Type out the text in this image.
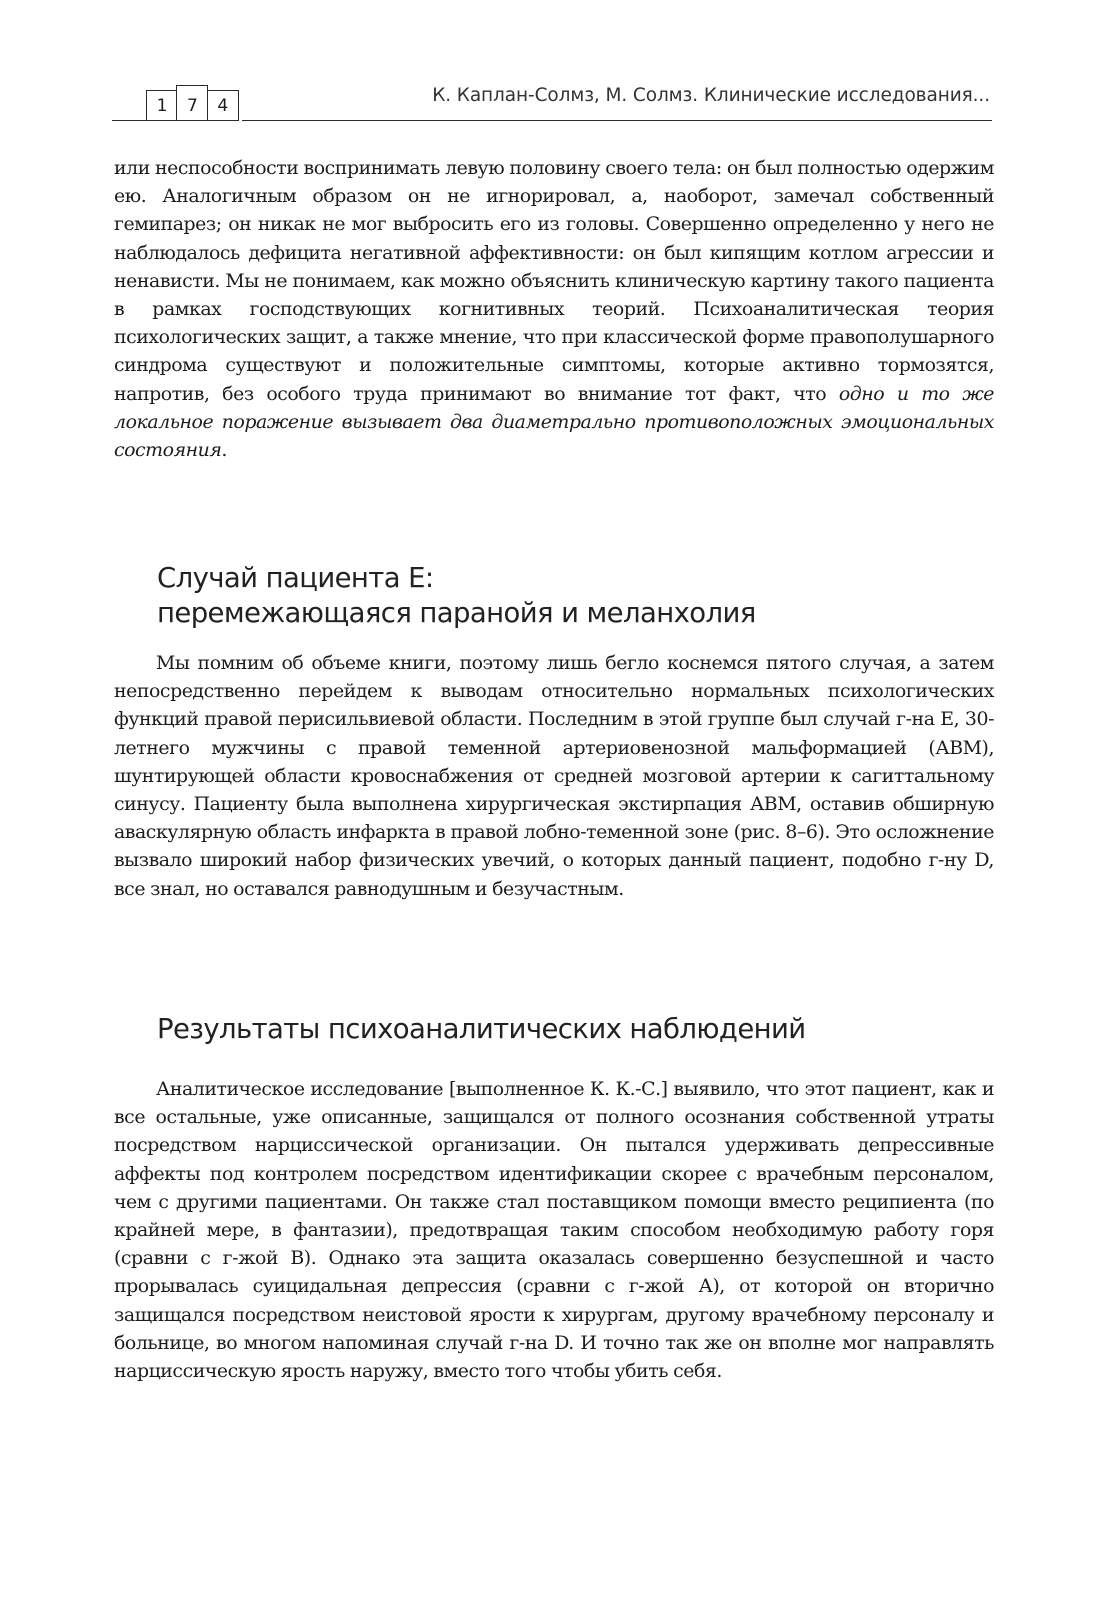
1	7	4	К. Каплан-Солмз, М. Солмз. Клинические исследования...

или неспособности воспринимать левую половину своего тела: он был полностью одержим ею. Аналогичным образом он не игнорировал, а, наоборот, замечал собственный гемипарез; он никак не мог выбросить его из головы. Совершенно определенно у него не наблюдалось дефицита негативной аффективности: он был кипящим котлом агрессии и ненависти. Мы не понимаем, как можно объяснить клиническую картину такого пациента в рамках господствующих когнитивных теорий. Психоаналитическая теория психологических защит, а также мнение, что при классической форме правополушарного синдрома существуют и положительные симптомы, которые активно тормозятся, напротив, без особого труда принимают во внимание тот факт, что одно и то же локальное поражение вызывает два диаметрально противоположных эмоциональных состояния.

Случай пациента Е:
перемежающаяся паранойя и меланхолия

Мы помним об объеме книги, поэтому лишь бегло коснемся пятого случая, а затем непосредственно перейдем к выводам относительно нормальных психологических функций правой перисильвиевой области. Последним в этой группе был случай г-на Е, 30-летнего мужчины с правой теменной артериовенозной мальформацией (АВМ), шунтирующей области кровоснабжения от средней мозговой артерии к сагиттальному синусу. Пациенту была выполнена хирургическая экстирпация АВМ, оставив обширную аваскулярную область инфаркта в правой лобно-теменной зоне (рис. 8–6). Это осложнение вызвало широкий набор физических увечий, о которых данный пациент, подобно г-ну D, все знал, но оставался равнодушным и безучастным.

Результаты психоаналитических наблюдений

Аналитическое исследование [выполненное К. К.-С.] выявило, что этот пациент, как и все остальные, уже описанные, защищался от полного осознания собственной утраты посредством нарциссической организации. Он пытался удерживать депрессивные аффекты под контролем посредством идентификации скорее с врачебным персоналом, чем с другими пациентами. Он также стал поставщиком помощи вместо реципиента (по крайней мере, в фантазии), предотвращая таким способом необходимую работу горя (сравни с г-жой В). Однако эта защита оказалась совершенно безуспешной и часто прорывалась суицидальная депрессия (сравни с г-жой А), от которой он вторично защищался посредством неистовой ярости к хирургам, другому врачебному персоналу и больнице, во многом напоминая случай г-на D. И точно так же он вполне мог направлять нарциссическую ярость наружу, вместо того чтобы убить себя.
